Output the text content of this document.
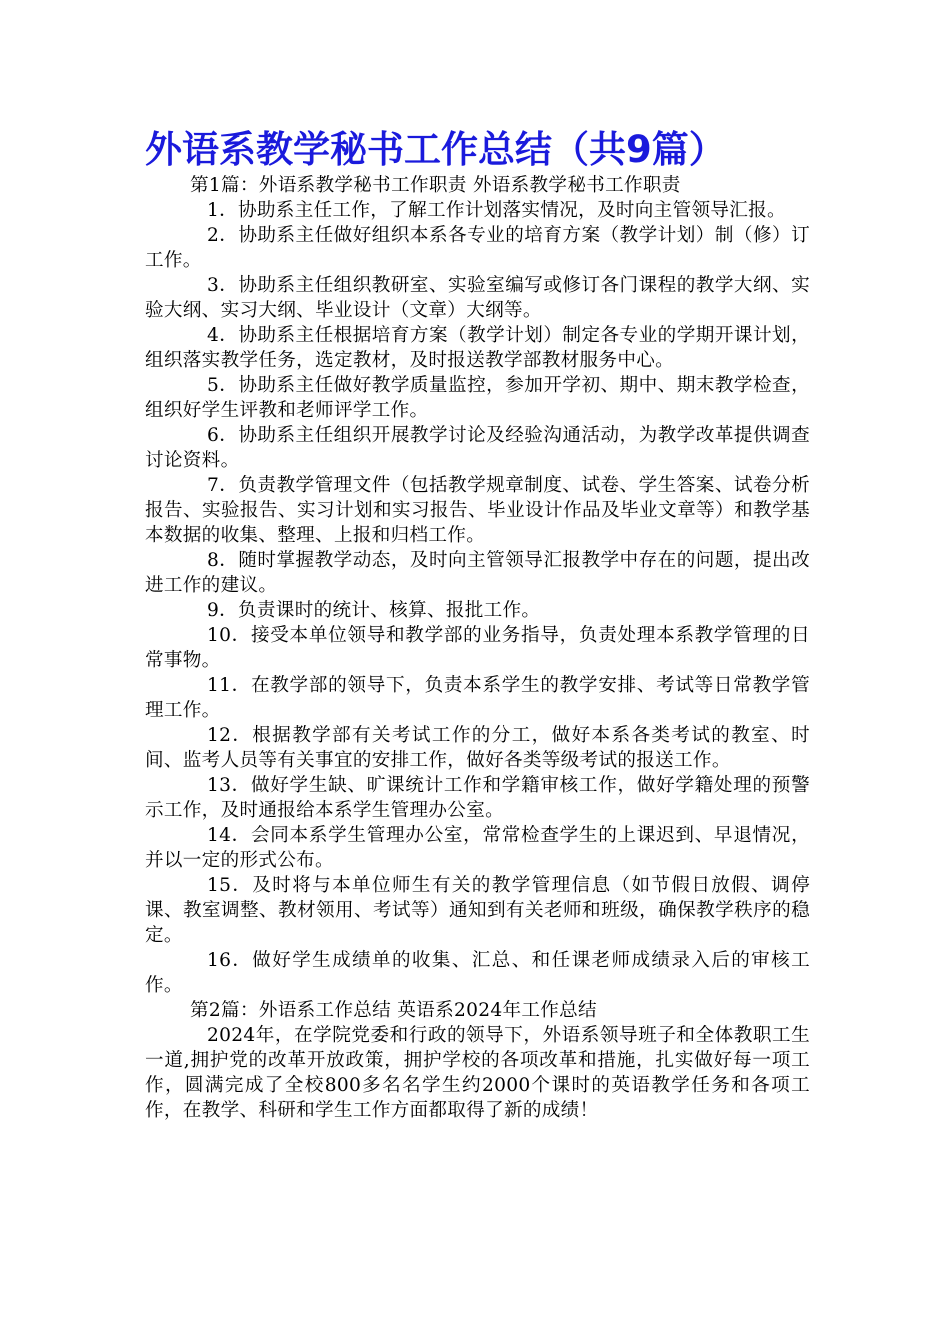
外语系教学秘书工作总结（共9篇）

第1篇：外语系教学秘书工作职责 外语系教学秘书工作职责

1．协助系主任工作，了解工作计划落实情况，及时向主管领导汇报。

2．协助系主任做好组织本系各专业的培育方案（教学计划）制（修）订工作。

3．协助系主任组织教研室、实验室编写或修订各门课程的教学大纲、实验大纲、实习大纲、毕业设计（文章）大纲等。

4．协助系主任根据培育方案（教学计划）制定各专业的学期开课计划，组织落实教学任务，选定教材，及时报送教学部教材服务中心。

5．协助系主任做好教学质量监控，参加开学初、期中、期末教学检查，组织好学生评教和老师评学工作。

6．协助系主任组织开展教学讨论及经验沟通活动，为教学改革提供调查讨论资料。

7．负责教学管理文件（包括教学规章制度、试卷、学生答案、试卷分析报告、实验报告、实习计划和实习报告、毕业设计作品及毕业文章等）和教学基本数据的收集、整理、上报和归档工作。

8．随时掌握教学动态，及时向主管领导汇报教学中存在的问题，提出改进工作的建议。

9．负责课时的统计、核算、报批工作。

10．接受本单位领导和教学部的业务指导，负责处理本系教学管理的日常事物。

11．在教学部的领导下，负责本系学生的教学安排、考试等日常教学管理工作。

12．根据教学部有关考试工作的分工，做好本系各类考试的教室、时间、监考人员等有关事宜的安排工作，做好各类等级考试的报送工作。

13．做好学生缺、旷课统计工作和学籍审核工作，做好学籍处理的预警示工作，及时通报给本系学生管理办公室。

14．会同本系学生管理办公室，常常检查学生的上课迟到、早退情况，并以一定的形式公布。

15．及时将与本单位师生有关的教学管理信息（如节假日放假、调停课、教室调整、教材领用、考试等）通知到有关老师和班级，确保教学秩序的稳定。

16．做好学生成绩单的收集、汇总、和任课老师成绩录入后的审核工作。

第2篇：外语系工作总结 英语系2024年工作总结

2024年，在学院党委和行政的领导下，外语系领导班子和全体教职工生一道,拥护党的改革开放政策，拥护学校的各项改革和措施，扎实做好每一项工作，圆满完成了全校800多名名学生约2000个课时的英语教学任务和各项工作，在教学、科研和学生工作方面都取得了新的成绩！
